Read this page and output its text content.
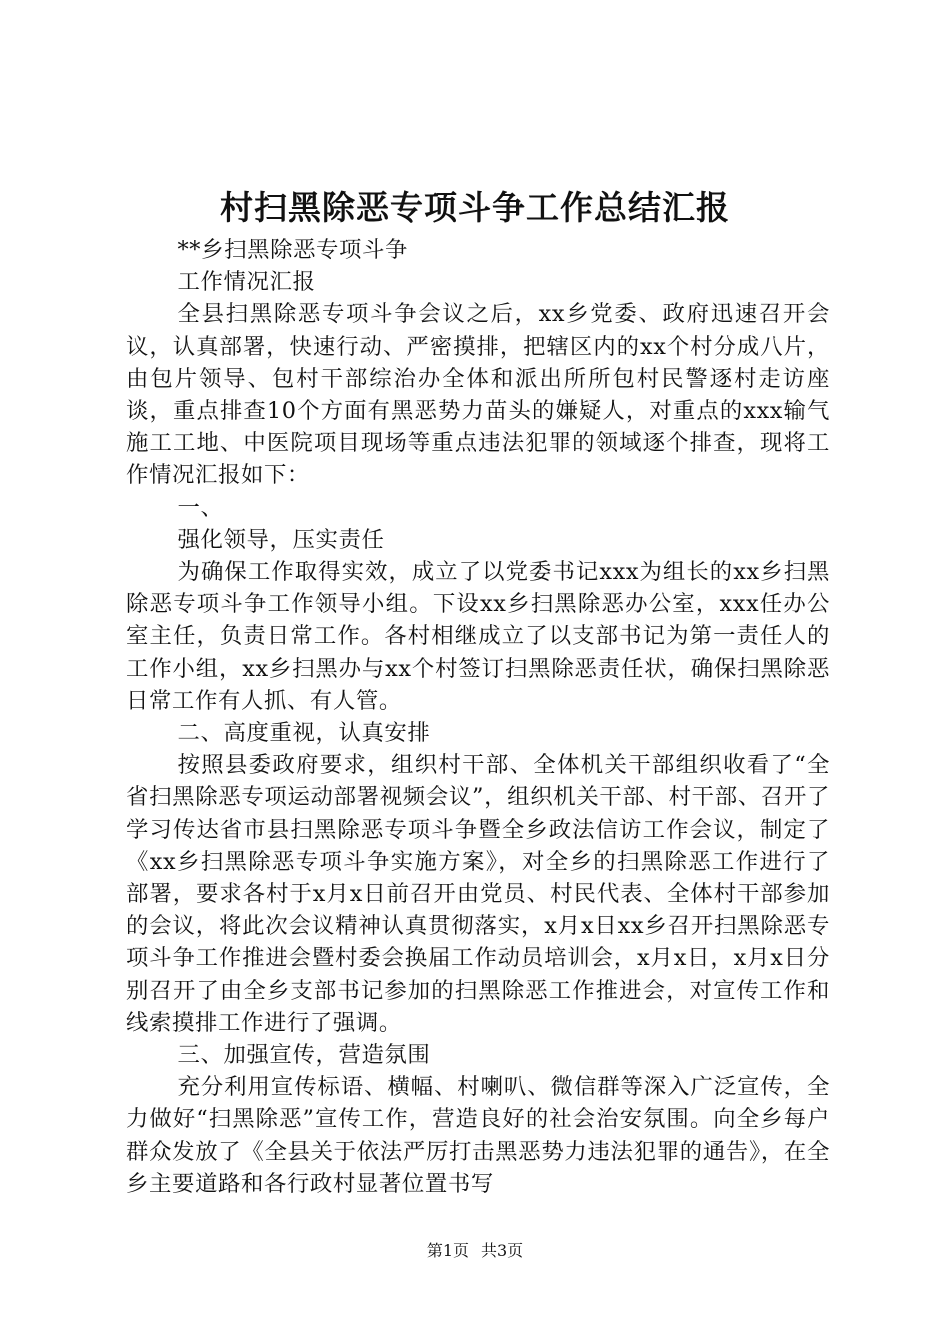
村扫黑除恶专项斗争工作总结汇报

**乡扫黑除恶专项斗争

工作情况汇报

全县扫黑除恶专项斗争会议之后，xx乡党委、政府迅速召开会议，认真部署，快速行动、严密摸排，把辖区内的xx个村分成八片，由包片领导、包村干部综治办全体和派出所所包村民警逐村走访座谈，重点排查10个方面有黑恶势力苗头的嫌疑人，对重点的xxx输气施工工地、中医院项目现场等重点违法犯罪的领域逐个排查，现将工作情况汇报如下：

一、

强化领导，压实责任

为确保工作取得实效，成立了以党委书记xxx为组长的xx乡扫黑除恶专项斗争工作领导小组。下设xx乡扫黑除恶办公室，xxx任办公室主任，负责日常工作。各村相继成立了以支部书记为第一责任人的工作小组，xx乡扫黑办与xx个村签订扫黑除恶责任状，确保扫黑除恶日常工作有人抓、有人管。

二、高度重视，认真安排

按照县委政府要求，组织村干部、全体机关干部组织收看了“全省扫黑除恶专项运动部署视频会议”，组织机关干部、村干部、召开了学习传达省市县扫黑除恶专项斗争暨全乡政法信访工作会议，制定了《xx乡扫黑除恶专项斗争实施方案》，对全乡的扫黑除恶工作进行了部署，要求各村于x月x日前召开由党员、村民代表、全体村干部参加的会议，将此次会议精神认真贯彻落实，x月x日xx乡召开扫黑除恶专项斗争工作推进会暨村委会换届工作动员培训会，x月x日，x月x日分别召开了由全乡支部书记参加的扫黑除恶工作推进会，对宣传工作和线索摸排工作进行了强调。

三、加强宣传，营造氛围

充分利用宣传标语、横幅、村喇叭、微信群等深入广泛宣传，全力做好“扫黑除恶”宣传工作，营造良好的社会治安氛围。向全乡每户群众发放了《全县关于依法严厉打击黑恶势力违法犯罪的通告》，在全乡主要道路和各行政村显著位置书写

第1页 共3页
